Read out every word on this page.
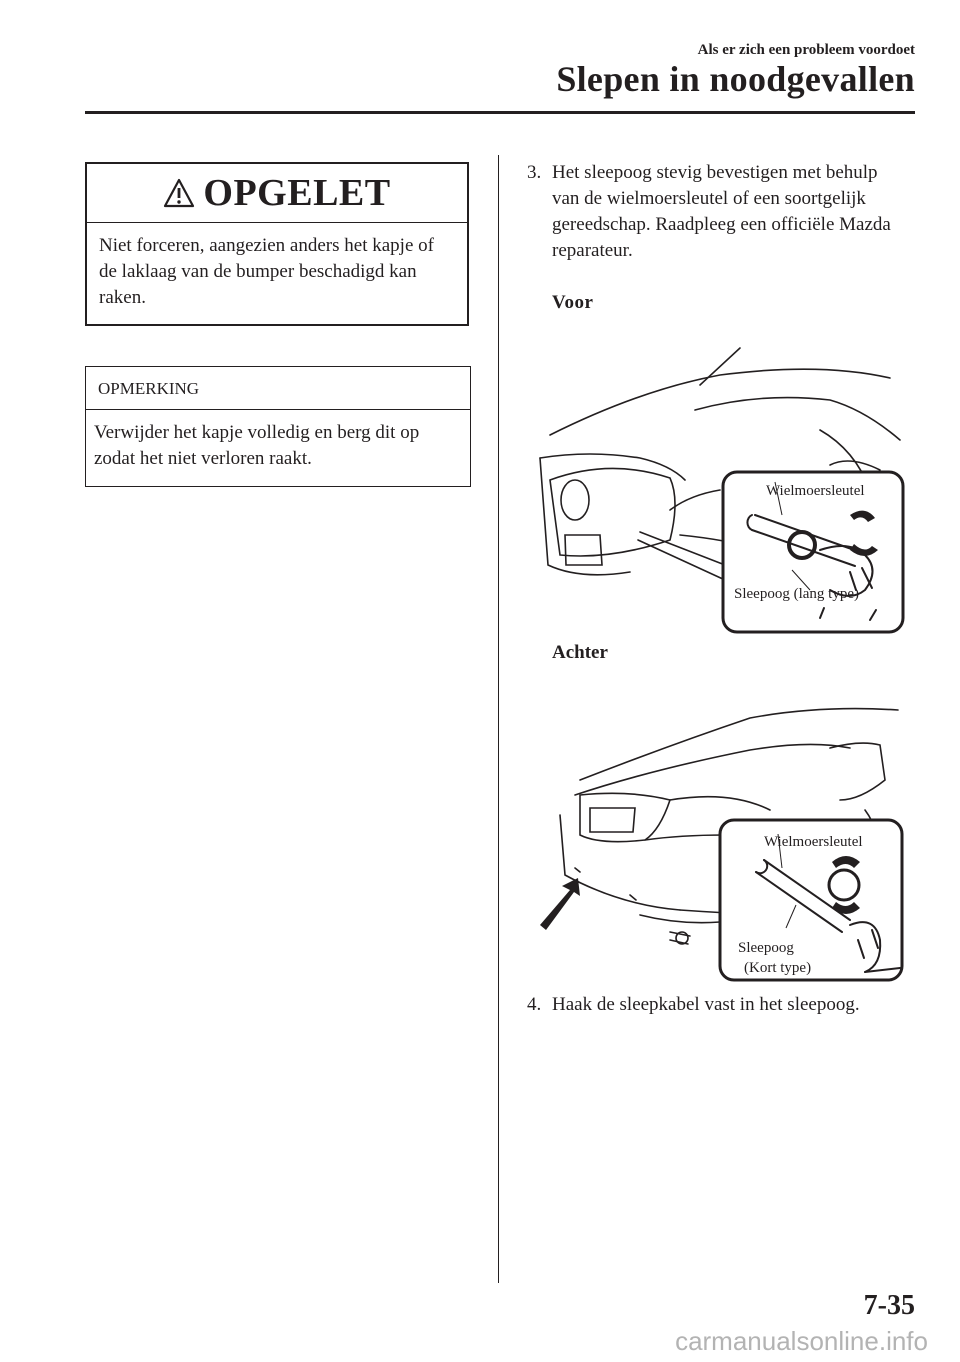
Als er zich een probleem voordoet
Slepen in noodgevallen
OPGELET
Niet forceren, aangezien anders het kapje of de laklaag van de bumper beschadigd kan raken.
OPMERKING
Verwijder het kapje volledig en berg dit op zodat het niet verloren raakt.
3. Het sleepoog stevig bevestigen met behulp van de wielmoersleutel of een soortgelijk gereedschap. Raadpleeg een officiële Mazda reparateur.
Voor
Wielmoersleutel
Sleepoog (lang type)
Achter
Wielmoersleutel
Sleepoog
(Kort type)
4. Haak de sleepkabel vast in het sleepoog.
7-35
carmanualsonline.info
